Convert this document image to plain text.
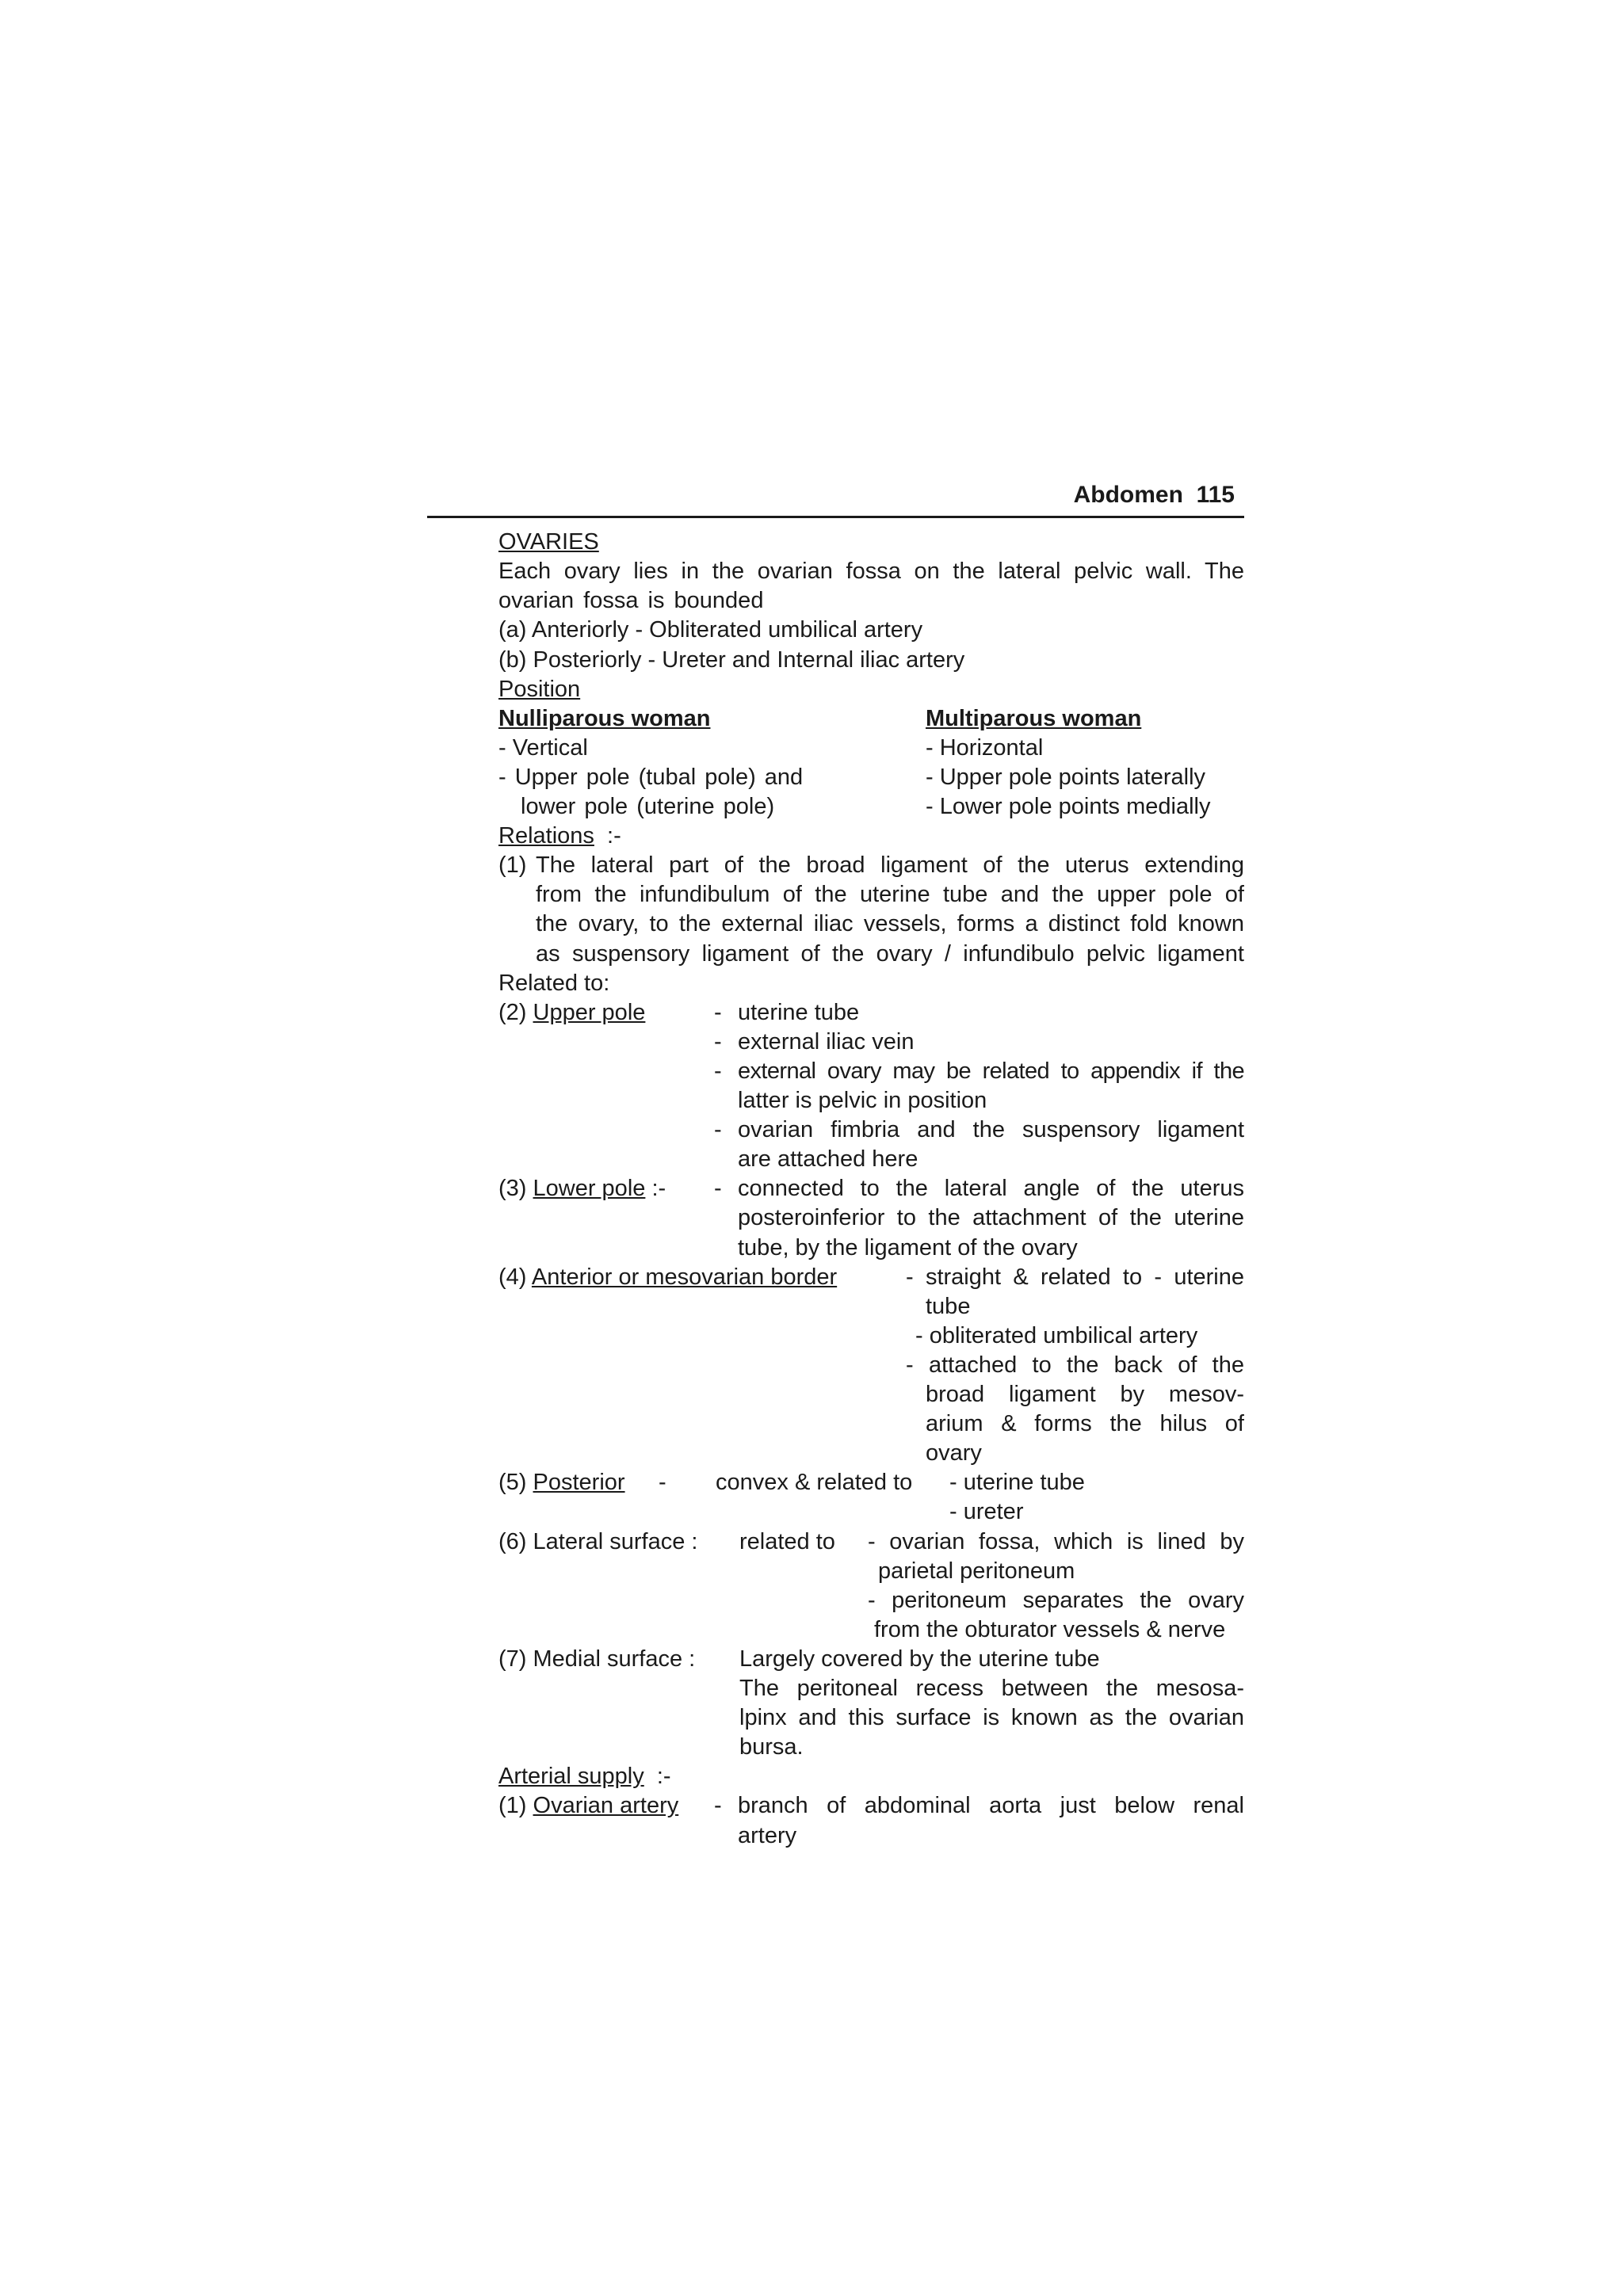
Abdomen 115
OVARIES
Each ovary lies in the ovarian fossa on the lateral pelvic wall. The
ovarian fossa is bounded
(a) Anteriorly - Obliterated umbilical artery
(b) Posteriorly - Ureter and Internal iliac artery
Position
Nulliparous woman	Multiparous woman
- Vertical	- Horizontal
- Upper pole (tubal pole) and	- Upper pole points laterally
lower pole (uterine pole)	- Lower pole points medially
Relations :-
(1) The lateral part of the broad ligament of the uterus extending
from the infundibulum of the uterine tube and the upper pole of
the ovary, to the external iliac vessels, forms a distinct fold known
as suspensory ligament of the ovary / infundibulo pelvic ligament
Related to:
(2) Upper pole	- uterine tube
- external iliac vein
- external ovary may be related to appendix if the
latter is pelvic in position
- ovarian fimbria and the suspensory ligament
are attached here
(3) Lower pole :- - connected to the lateral angle of the uterus
posteroinferior to the attachment of the uterine
tube, by the ligament of the ovary
(4) Anterior or mesovarian border	- straight & related to - uterine
tube
- obliterated umbilical artery
- attached to the back of the
broad ligament by mesov-
arium & forms the hilus of
ovary
(5) Posterior - convex & related to - uterine tube
- ureter
(6) Lateral surface : related to - ovarian fossa, which is lined by
parietal peritoneum
- peritoneum separates the ovary
from the obturator vessels & nerve
(7) Medial surface : Largely covered by the uterine tube
The peritoneal recess between the mesosa-
lpinx and this surface is known as the ovarian
bursa.
Arterial supply :-
(1) Ovarian artery - branch of abdominal aorta just below renal
artery
